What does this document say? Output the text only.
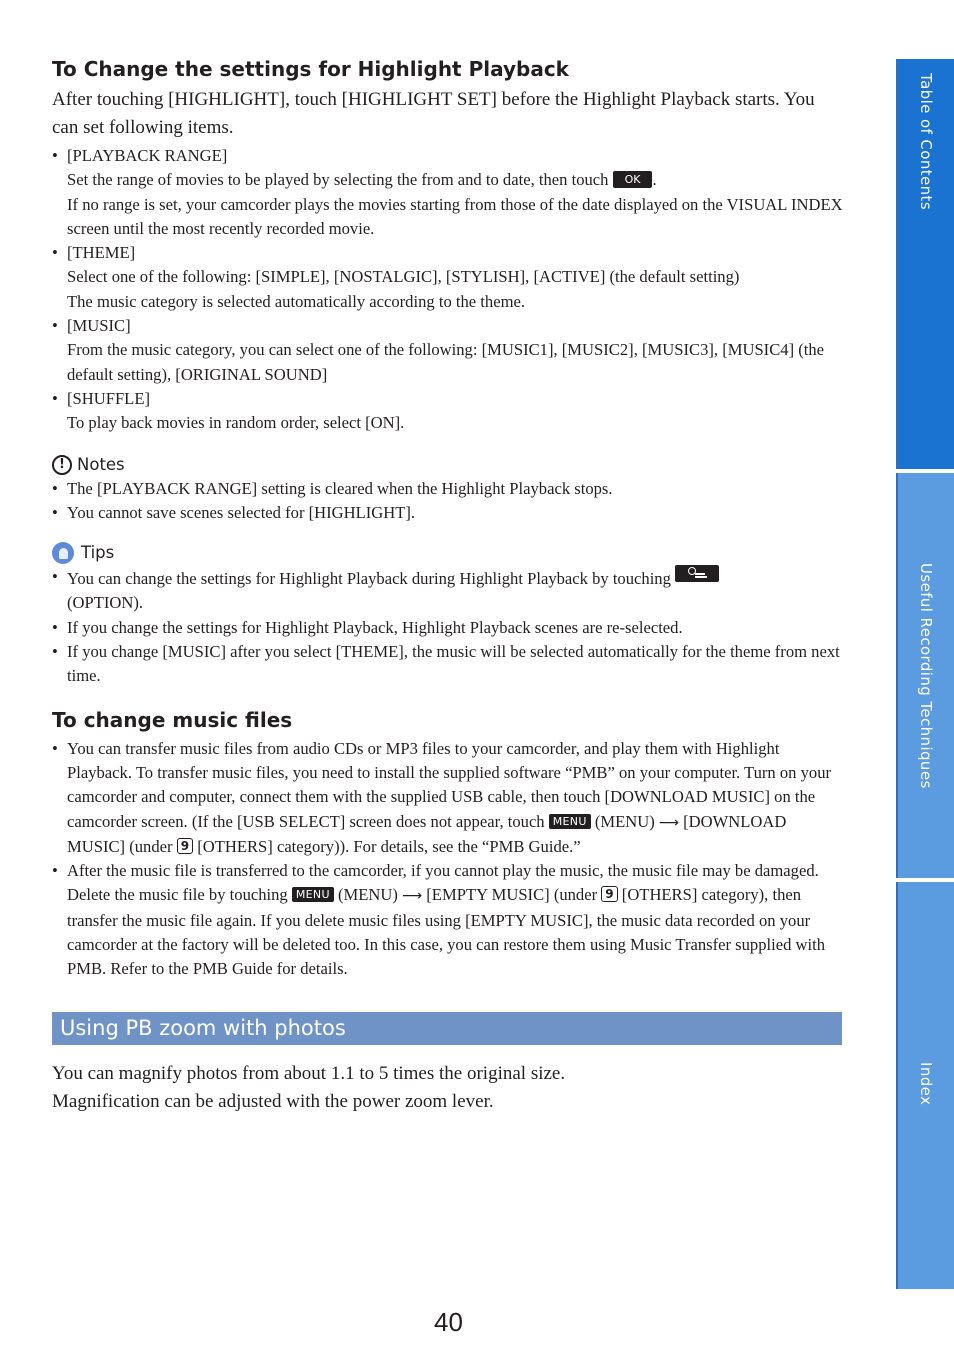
To Change the settings for Highlight Playback

After touching [HIGHLIGHT], touch [HIGHLIGHT SET] before the Highlight Playback starts. You can set following items.

• [PLAYBACK RANGE]
Set the range of movies to be played by selecting the from and to date, then touch OK .
If no range is set, your camcorder plays the movies starting from those of the date displayed on the VISUAL INDEX screen until the most recently recorded movie.
• [THEME]
Select one of the following: [SIMPLE], [NOSTALGIC], [STYLISH], [ACTIVE] (the default setting)
The music category is selected automatically according to the theme.
• [MUSIC]
From the music category, you can select one of the following: [MUSIC1], [MUSIC2], [MUSIC3], [MUSIC4] (the default setting), [ORIGINAL SOUND]
• [SHUFFLE]
To play back movies in random order, select [ON].
! Notes
• The [PLAYBACK RANGE] setting is cleared when the Highlight Playback stops.
• You cannot save scenes selected for [HIGHLIGHT].
Tips
• You can change the settings for Highlight Playback during Highlight Playback by touching

(OPTION).
• If you change the settings for Highlight Playback, Highlight Playback scenes are re-selected.
• If you change [MUSIC] after you select [THEME], the music will be selected automatically for the theme from next time.
To change music files
• You can transfer music files from audio CDs or MP3 files to your camcorder, and play them with Highlight Playback. To transfer music files, you need to install the supplied software “PMB” on your computer. Turn on your camcorder and computer, connect them with the supplied USB cable, then touch [DOWNLOAD MUSIC] on the camcorder screen. (If the [USB SELECT] screen does not appear, touch MENU (MENU) ⟶ [DOWNLOAD MUSIC] (under 9 [OTHERS] category)). For details, see the “PMB Guide.”
• After the music file is transferred to the camcorder, if you cannot play the music, the music file may be damaged. Delete the music file by touching MENU (MENU) ⟶ [EMPTY MUSIC] (under 9 [OTHERS] category), then transfer the music file again. If you delete music files using [EMPTY MUSIC], the music data recorded on your camcorder at the factory will be deleted too. In this case, you can restore them using Music Transfer supplied with PMB. Refer to the PMB Guide for details.
Using PB zoom with photos

You can magnify photos from about 1.1 to 5 times the original size.
Magnification can be adjusted with the power zoom lever.

Table of Contents
Useful Recording Techniques
Index
40
